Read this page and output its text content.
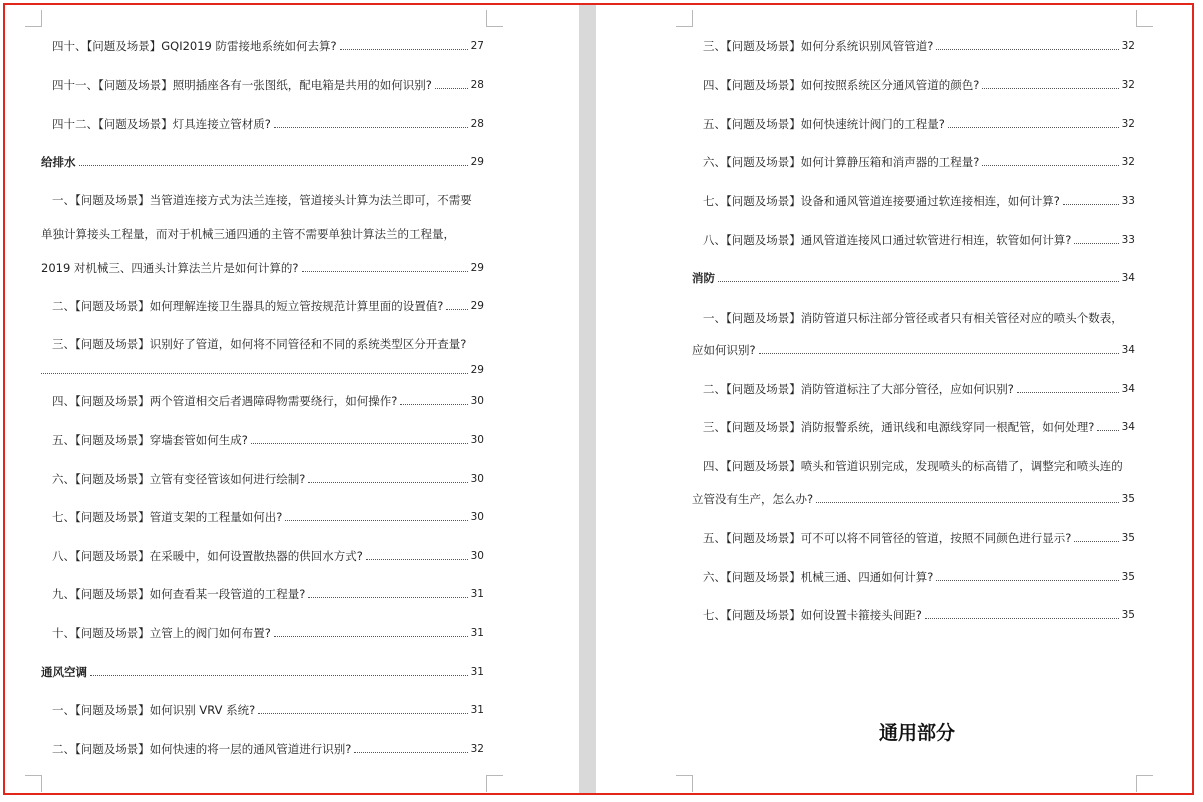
四十、【问题及场景】GQI2019 防雷接地系统如何去算?	27
四十一、【问题及场景】照明插座各有一张图纸，配电箱是共用的如何识别?	28
四十二、【问题及场景】灯具连接立管材质?	28
给排水	29
一、【问题及场景】当管道连接方式为法兰连接，管道接头计算为法兰即可，不需要
单独计算接头工程量，而对于机械三通四通的主管不需要单独计算法兰的工程量，
2019 对机械三、四通头计算法兰片是如何计算的?	29
二、【问题及场景】如何理解连接卫生器具的短立管按规范计算里面的设置值?	29
三、【问题及场景】识别好了管道，如何将不同管径和不同的系统类型区分开查量?
29
四、【问题及场景】两个管道相交后者遇障碍物需要绕行，如何操作?	30
五、【问题及场景】穿墙套管如何生成?	30
六、【问题及场景】立管有变径管该如何进行绘制?	30
七、【问题及场景】管道支架的工程量如何出?	30
八、【问题及场景】在采暖中，如何设置散热器的供回水方式?	30
九、【问题及场景】如何查看某一段管道的工程量?	31
十、【问题及场景】立管上的阀门如何布置?	31
通风空调	31
一、【问题及场景】如何识别 VRV 系统?	31
二、【问题及场景】如何快速的将一层的通风管道进行识别?	32
三、【问题及场景】如何分系统识别风管管道?	32
四、【问题及场景】如何按照系统区分通风管道的颜色?	32
五、【问题及场景】如何快速统计阀门的工程量?	32
六、【问题及场景】如何计算静压箱和消声器的工程量?	32
七、【问题及场景】设备和通风管道连接要通过软连接相连，如何计算?	33
八、【问题及场景】通风管道连接风口通过软管进行相连，软管如何计算?	33
消防	34
一、【问题及场景】消防管道只标注部分管径或者只有相关管径对应的喷头个数表，
应如何识别?	34
二、【问题及场景】消防管道标注了大部分管径，应如何识别?	34
三、【问题及场景】消防报警系统，通讯线和电源线穿同一根配管，如何处理?	34
四、【问题及场景】喷头和管道识别完成，发现喷头的标高错了，调整完和喷头连的
立管没有生产，怎么办?	35
五、【问题及场景】可不可以将不同管径的管道，按照不同颜色进行显示?	35
六、【问题及场景】机械三通、四通如何计算?	35
七、【问题及场景】如何设置卡箍接头间距?	35
通用部分
